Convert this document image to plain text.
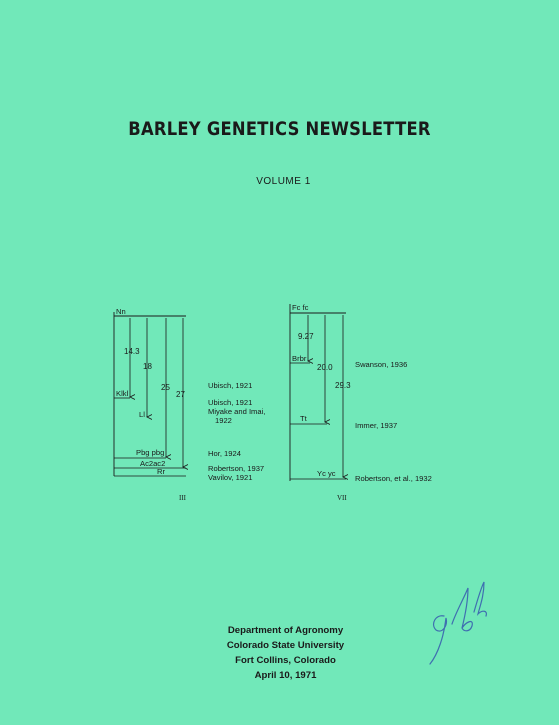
BARLEY GENETICS NEWSLETTER
VOLUME 1
Nn
Klkl
Ll
Pbg pbg
Ac2ac2
Rr
14.3
18
25
27
Ubisch, 1921
Ubisch, 1921
Miyake and Imai,
1922
Hor, 1924
Robertson, 1937
Vavilov, 1921
III
Fc fc
Brbr
Tt
Yc yc
9.27
20.0
29.3
Swanson, 1936
Immer, 1937
Robertson, et al., 1932
VII
Department of Agronomy
Colorado State University
Fort Collins, Colorado
April 10, 1971
